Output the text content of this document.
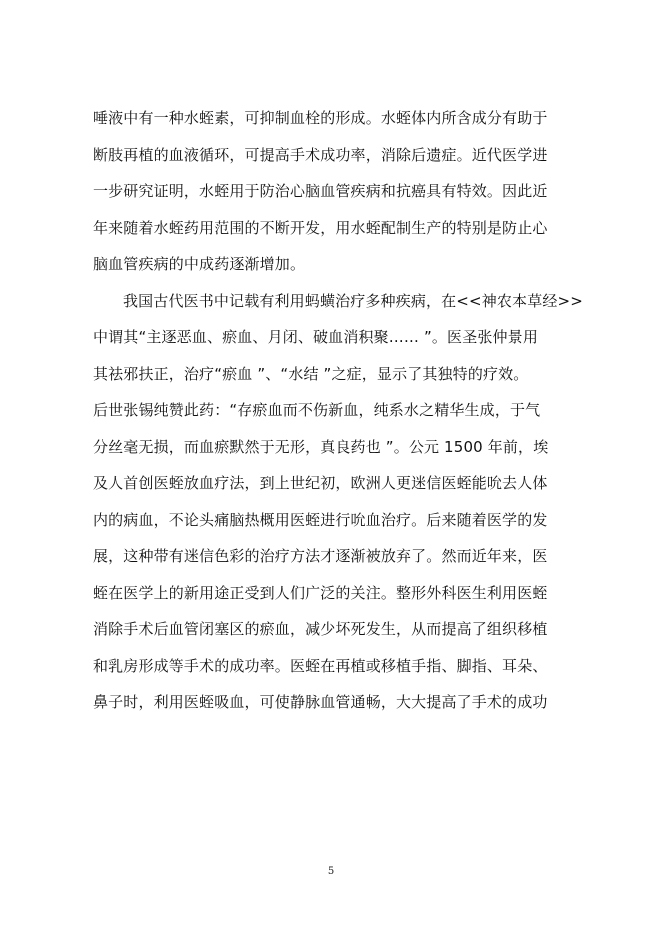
唾液中有一种水蛭素，可抑制血栓的形成。水蛭体内所含成分有助于
断肢再植的血液循环，可提高手术成功率，消除后遗症。近代医学进
一步研究证明，水蛭用于防治心脑血管疾病和抗癌具有特效。因此近
年来随着水蛭药用范围的不断开发，用水蛭配制生产的特别是防止心
脑血管疾病的中成药逐渐增加。
我国古代医书中记载有利用蚂蟥治疗多种疾病，在<<神农本草经>>
中谓其“主逐恶血、瘀血、月闭、破血消积聚…… ”。医圣张仲景用
其祛邪扶正，治疗“瘀血 ”、“水结 ”之症，显示了其独特的疗效。
后世张锡纯赞此药：“存瘀血而不伤新血，纯系水之精华生成，于气
分丝毫无损，而血瘀默然于无形，真良药也 ”。公元 1500 年前，埃
及人首创医蛭放血疗法，到上世纪初，欧洲人更迷信医蛭能吮去人体
内的病血，不论头痛脑热概用医蛭进行吮血治疗。后来随着医学的发
展，这种带有迷信色彩的治疗方法才逐渐被放弃了。然而近年来，医
蛭在医学上的新用途正受到人们广泛的关注。整形外科医生利用医蛭
消除手术后血管闭塞区的瘀血，减少坏死发生，从而提高了组织移植
和乳房形成等手术的成功率。医蛭在再植或移植手指、脚指、耳朵、
鼻子时，利用医蛭吸血，可使静脉血管通畅，大大提高了手术的成功
5
